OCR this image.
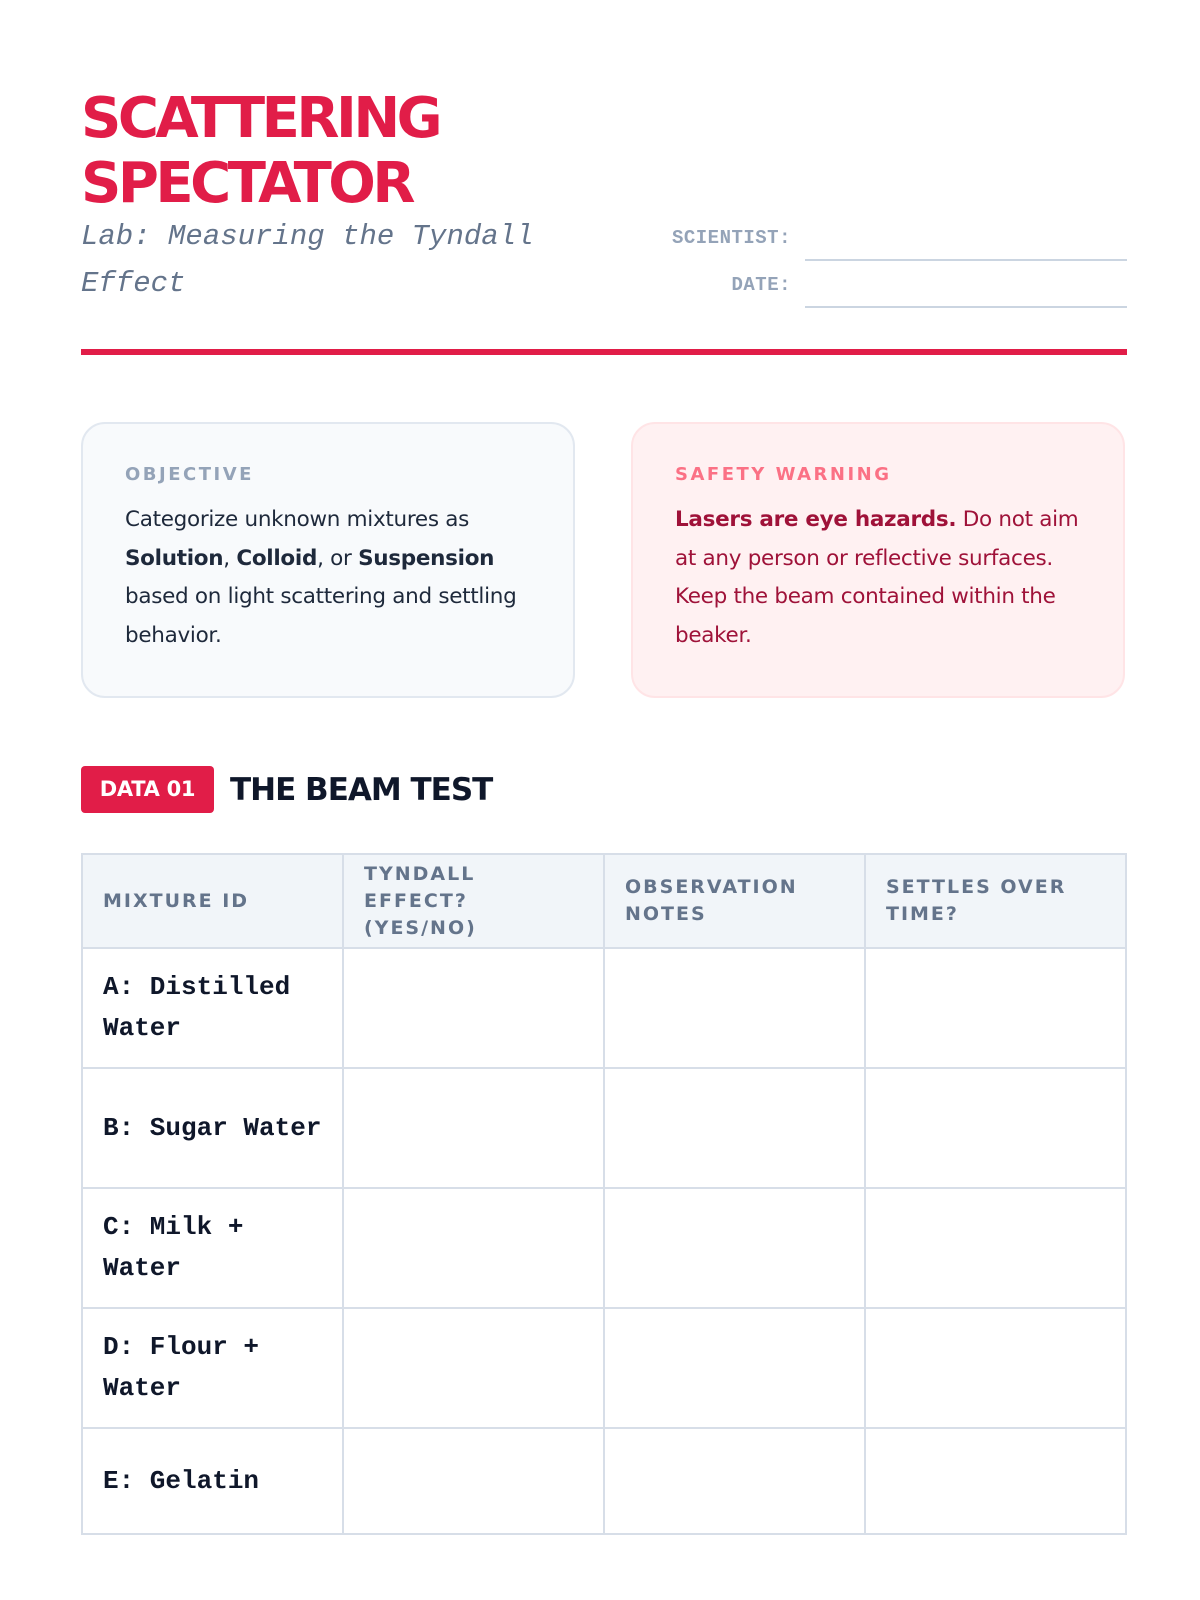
SCATTERING
SPECTATOR
Lab: Measuring the Tyndall Effect
SCIENTIST:
DATE:
OBJECTIVE
Categorize unknown mixtures as Solution, Colloid, or Suspension based on light scattering and settling behavior.
SAFETY WARNING
Lasers are eye hazards. Do not aim at any person or reflective surfaces. Keep the beam contained within the beaker.
DATA 01	THE BEAM TEST
MIXTURE ID	TYNDALL EFFECT? (YES/NO)	OBSERVATION NOTES	SETTLES OVER TIME?
A: Distilled Water			
B: Sugar Water			
C: Milk + Water			
D: Flour + Water			
E: Gelatin			
